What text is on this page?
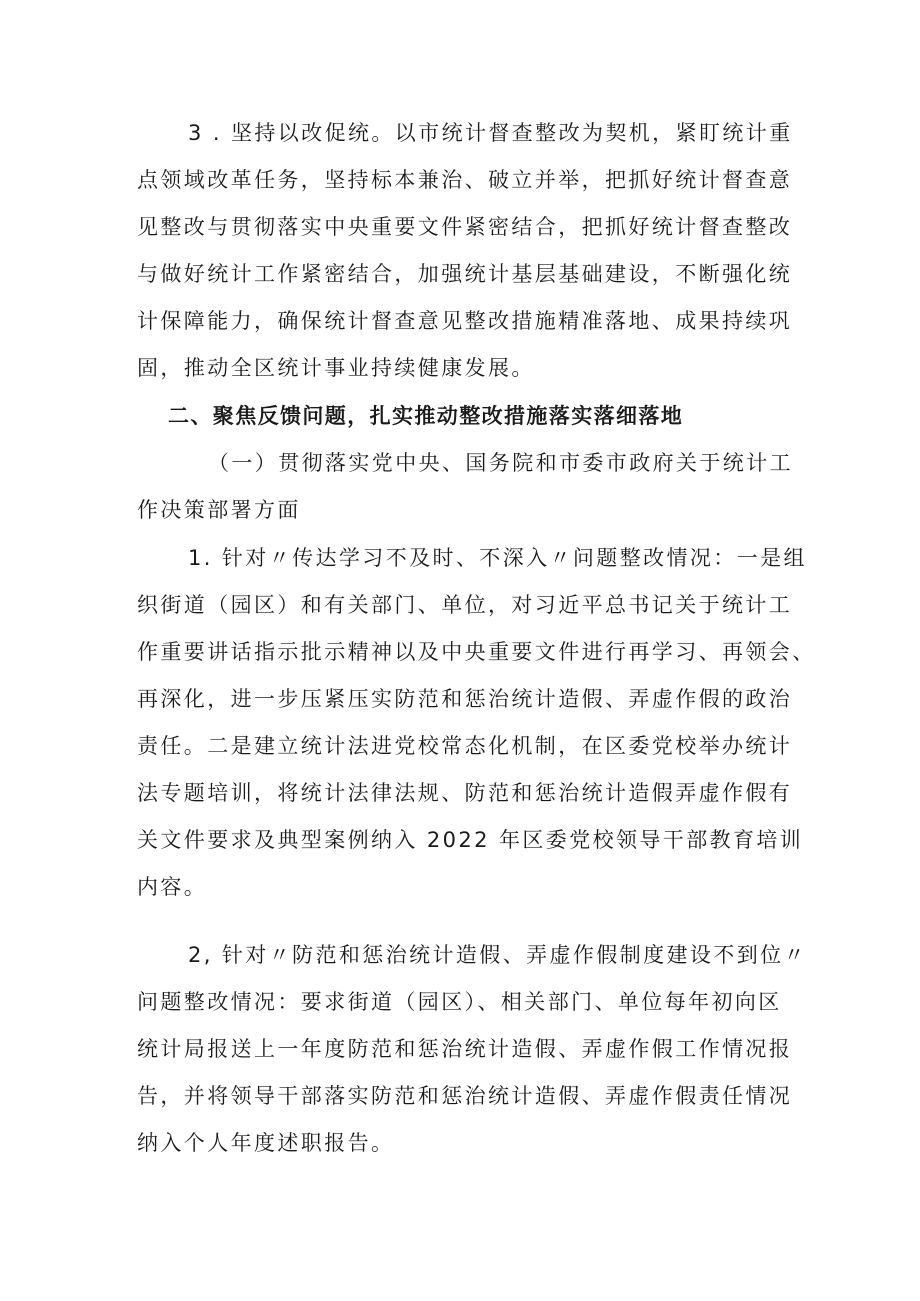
3 . 坚持以改促统。以市统计督查整改为契机，紧盯统计重
点领域改革任务，坚持标本兼治、破立并举，把抓好统计督查意
见整改与贯彻落实中央重要文件紧密结合，把抓好统计督查整改
与做好统计工作紧密结合，加强统计基层基础建设，不断强化统
计保障能力，确保统计督查意见整改措施精准落地、成果持续巩
固，推动全区统计事业持续健康发展。
二、聚焦反馈问题，扎实推动整改措施落实落细落地
（一）贯彻落实党中央、国务院和市委市政府关于统计工
作决策部署方面
1. 针对〃传达学习不及时、不深入〃问题整改情况：一是组
织街道（园区）和有关部门、单位，对习近平总书记关于统计工
作重要讲话指示批示精神以及中央重要文件进行再学习、再领会、
再深化，进一步压紧压实防范和惩治统计造假、弄虚作假的政治
责任。二是建立统计法进党校常态化机制，在区委党校举办统计
法专题培训，将统计法律法规、防范和惩治统计造假弄虚作假有
关文件要求及典型案例纳入 2022 年区委党校领导干部教育培训
内容。
2, 针对〃防范和惩治统计造假、弄虚作假制度建设不到位〃
问题整改情况：要求街道（园区）、相关部门、单位每年初向区
统计局报送上一年度防范和惩治统计造假、弄虚作假工作情况报
告，并将领导干部落实防范和惩治统计造假、弄虚作假责任情况
纳入个人年度述职报告。
